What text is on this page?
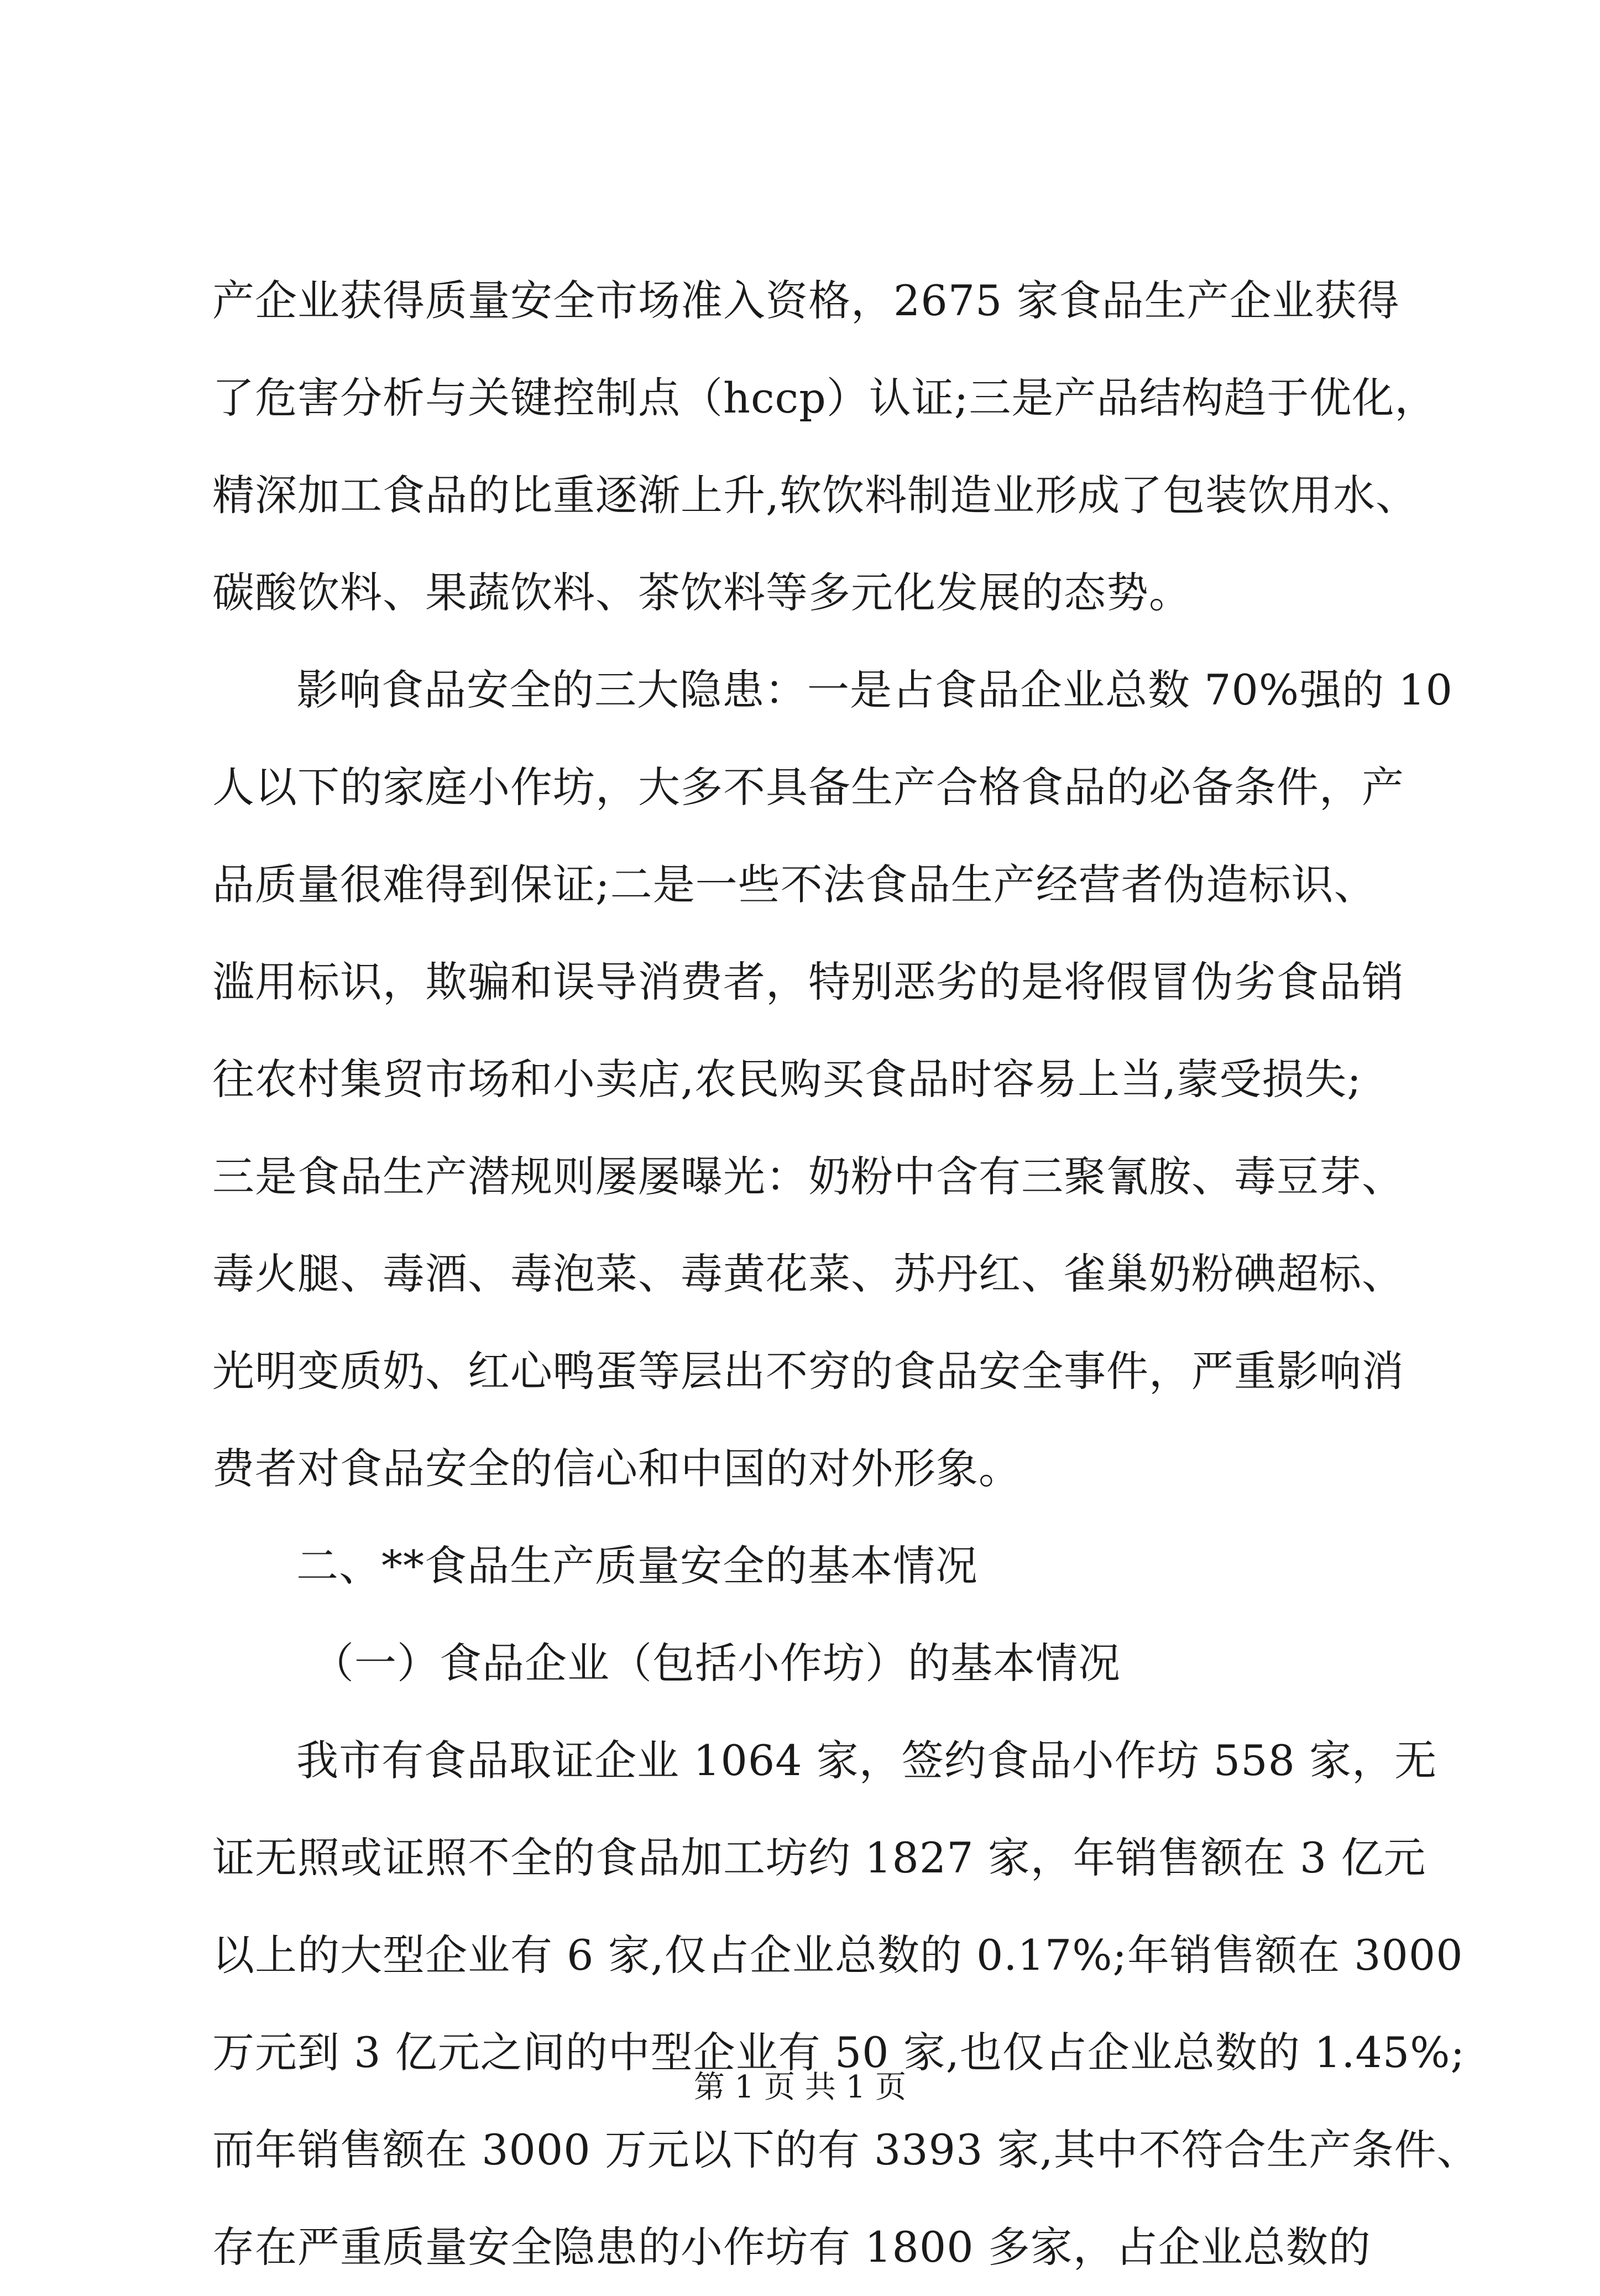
产企业获得质量安全市场准入资格，2675 家食品生产企业获得
了危害分析与关键控制点（hccp）认证;三是产品结构趋于优化，
精深加工食品的比重逐渐上升,软饮料制造业形成了包装饮用水、
碳酸饮料、果蔬饮料、茶饮料等多元化发展的态势。
影响食品安全的三大隐患：一是占食品企业总数 70%强的 10
人以下的家庭小作坊，大多不具备生产合格食品的必备条件，产
品质量很难得到保证;二是一些不法食品生产经营者伪造标识、
滥用标识，欺骗和误导消费者，特别恶劣的是将假冒伪劣食品销
往农村集贸市场和小卖店,农民购买食品时容易上当,蒙受损失;
三是食品生产潜规则屡屡曝光：奶粉中含有三聚氰胺、毒豆芽、
毒火腿、毒酒、毒泡菜、毒黄花菜、苏丹红、雀巢奶粉碘超标、
光明变质奶、红心鸭蛋等层出不穷的食品安全事件，严重影响消
费者对食品安全的信心和中国的对外形象。
二、**食品生产质量安全的基本情况
（一）食品企业（包括小作坊）的基本情况
我市有食品取证企业 1064 家，签约食品小作坊 558 家，无
证无照或证照不全的食品加工坊约 1827 家，年销售额在 3 亿元
以上的大型企业有 6 家,仅占企业总数的 0.17%;年销售额在 3000
万元到 3 亿元之间的中型企业有 50 家,也仅占企业总数的 1.45%;
而年销售额在 3000 万元以下的有 3393 家,其中不符合生产条件、
存在严重质量安全隐患的小作坊有 1800 多家，占企业总数的
第 1 页 共 1 页
